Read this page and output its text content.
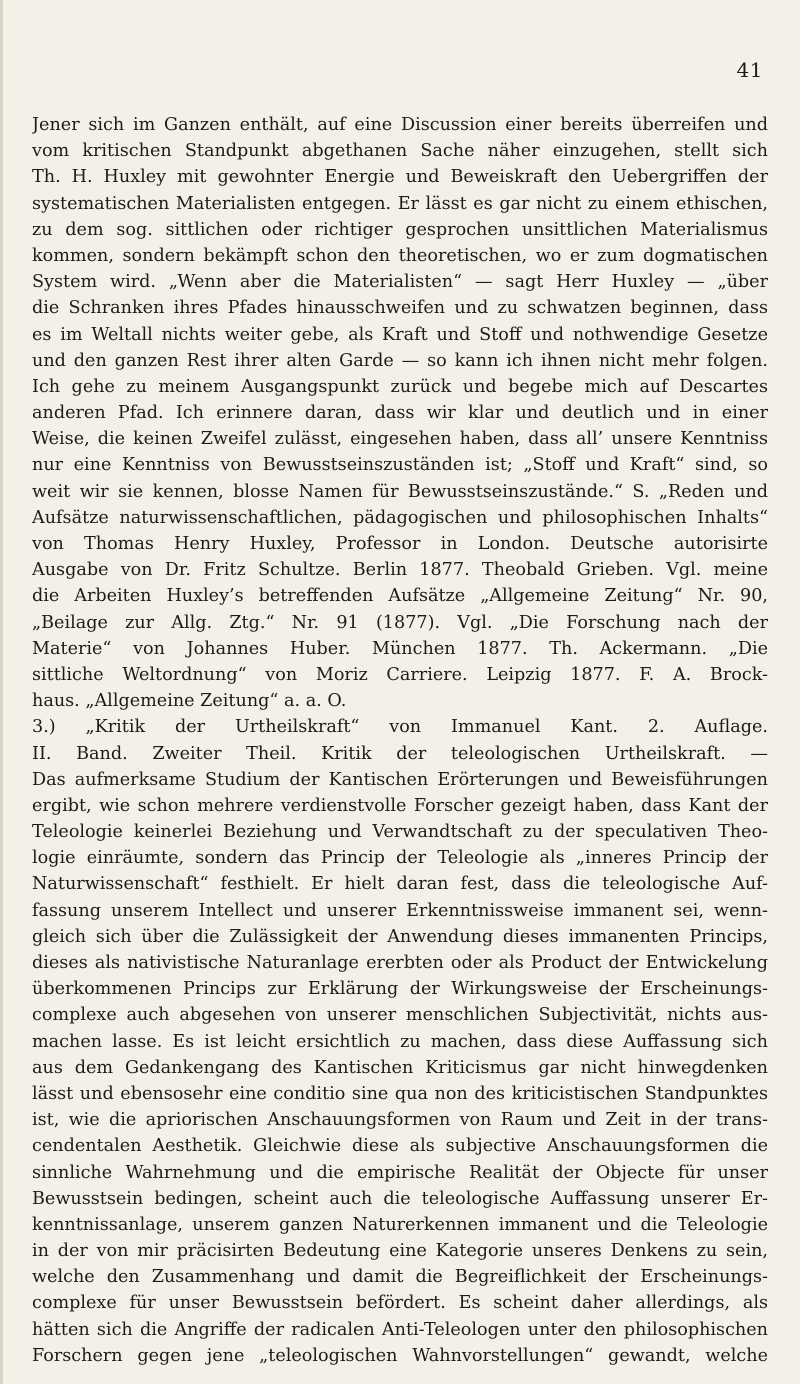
41
Jener sich im Ganzen enthält, auf eine Discussion einer bereits überreifen und
vom kritischen Standpunkt abgethanen Sache näher einzugehen, stellt sich
Th. H. Huxley mit gewohnter Energie und Beweiskraft den Uebergriffen der
systematischen Materialisten entgegen. Er lässt es gar nicht zu einem ethischen,
zu dem sog. sittlichen oder richtiger gesprochen unsittlichen Materialismus
kommen, sondern bekämpft schon den theoretischen, wo er zum dogmatischen
System wird. „Wenn aber die Materialisten“ — sagt Herr Huxley — „über
die Schranken ihres Pfades hinausschweifen und zu schwatzen beginnen, dass
es im Weltall nichts weiter gebe, als Kraft und Stoff und nothwendige Gesetze
und den ganzen Rest ihrer alten Garde — so kann ich ihnen nicht mehr folgen.
Ich gehe zu meinem Ausgangspunkt zurück und begebe mich auf Descartes
anderen Pfad. Ich erinnere daran, dass wir klar und deutlich und in einer
Weise, die keinen Zweifel zulässt, eingesehen haben, dass all’ unsere Kenntniss
nur eine Kenntniss von Bewusstseinszuständen ist; „Stoff und Kraft“ sind, so
weit wir sie kennen, blosse Namen für Bewusstseinszustände.“ S. „Reden und
Aufsätze naturwissenschaftlichen, pädagogischen und philosophischen Inhalts“
von Thomas Henry Huxley, Professor in London. Deutsche autorisirte
Ausgabe von Dr. Fritz Schultze. Berlin 1877. Theobald Grieben. Vgl. meine
die Arbeiten Huxley’s betreffenden Aufsätze „Allgemeine Zeitung“ Nr. 90,
„Beilage zur Allg. Ztg.“ Nr. 91 (1877). Vgl. „Die Forschung nach der
Materie“ von Johannes Huber. München 1877. Th. Ackermann. „Die
sittliche Weltordnung“ von Moriz Carriere. Leipzig 1877. F. A. Brock-
haus. „Allgemeine Zeitung“ a. a. O.
3.) „Kritik der Urtheilskraft“ von Immanuel Kant. 2. Auflage.
II. Band. Zweiter Theil. Kritik der teleologischen Urtheilskraft. —
Das aufmerksame Studium der Kantischen Erörterungen und Beweisführungen
ergibt, wie schon mehrere verdienstvolle Forscher gezeigt haben, dass Kant der
Teleologie keinerlei Beziehung und Verwandtschaft zu der speculativen Theo-
logie einräumte, sondern das Princip der Teleologie als „inneres Princip der
Naturwissenschaft“ festhielt. Er hielt daran fest, dass die teleologische Auf-
fassung unserem Intellect und unserer Erkenntnissweise immanent sei, wenn-
gleich sich über die Zulässigkeit der Anwendung dieses immanenten Princips,
dieses als nativistische Naturanlage ererbten oder als Product der Entwickelung
überkommenen Princips zur Erklärung der Wirkungsweise der Erscheinungs-
complexe auch abgesehen von unserer menschlichen Subjectivität, nichts aus-
machen lasse. Es ist leicht ersichtlich zu machen, dass diese Auffassung sich
aus dem Gedankengang des Kantischen Kriticismus gar nicht hinwegdenken
lässt und ebensosehr eine conditio sine qua non des kriticistischen Standpunktes
ist, wie die apriorischen Anschauungsformen von Raum und Zeit in der trans-
cendentalen Aesthetik. Gleichwie diese als subjective Anschauungsformen die
sinnliche Wahrnehmung und die empirische Realität der Objecte für unser
Bewusstsein bedingen, scheint auch die teleologische Auffassung unserer Er-
kenntnissanlage, unserem ganzen Naturerkennen immanent und die Teleologie
in der von mir präcisirten Bedeutung eine Kategorie unseres Denkens zu sein,
welche den Zusammenhang und damit die Begreiflichkeit der Erscheinungs-
complexe für unser Bewusstsein befördert. Es scheint daher allerdings, als
hätten sich die Angriffe der radicalen Anti-Teleologen unter den philosophischen
Forschern gegen jene „teleologischen Wahnvorstellungen“ gewandt, welche
